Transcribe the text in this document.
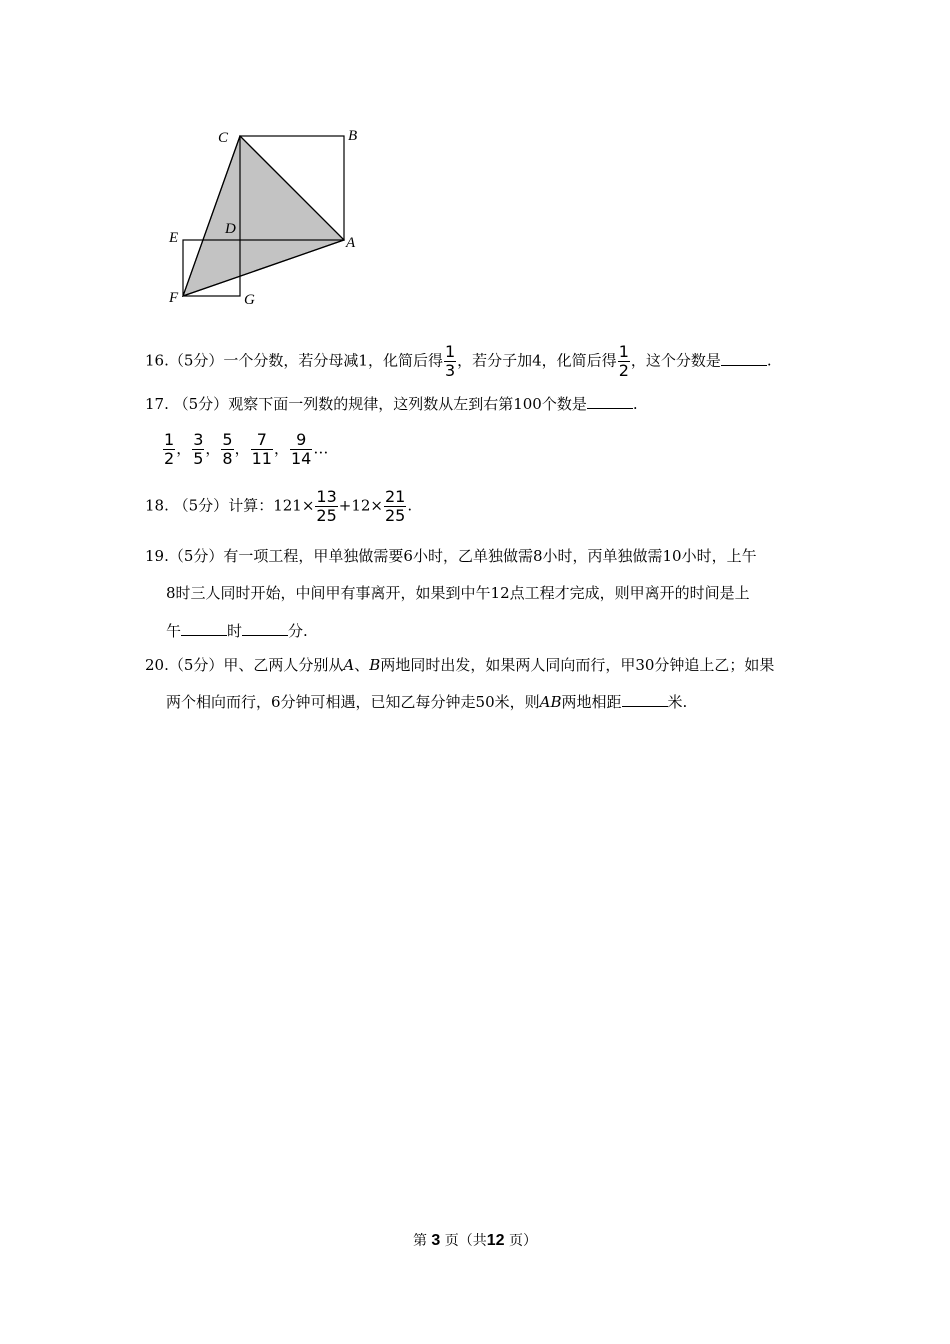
C	B
E
D
A
F	G
16.（5分）一个分数，若分母减1，化简后得 $\frac{1}{3}$ ，若分子加4，化简后得 $\frac{1}{2}$ ，这个分数是	.
17. （5分）观察下面一列数的规律，这列数从左到右第100个数是	.
$\frac{1}{2}$ ， $\frac{3}{5}$ ， $\frac{5}{8}$ ， $\frac{7}{11}$ ， $\frac{9}{14}$ …
18. （5分）计算：$121\times \frac{13}{25} +12\times \frac{21}{25}$ .
19.（5分）有一项工程，甲单独做需要6小时，乙单独做需8小时，丙单独做需10小时，上午
8时三人同时开始，中间甲有事离开，如果到中午12点工程才完成，则甲离开的时间是上
午	时	分.
20.（5分）甲、乙两人分别从A、B两地同时出发，如果两人同向而行，甲30分钟追上乙；如果
两个相向而行，6分钟可相遇，已知乙每分钟走50米，则AB两地相距	米.
第 3 页（共12 页）
